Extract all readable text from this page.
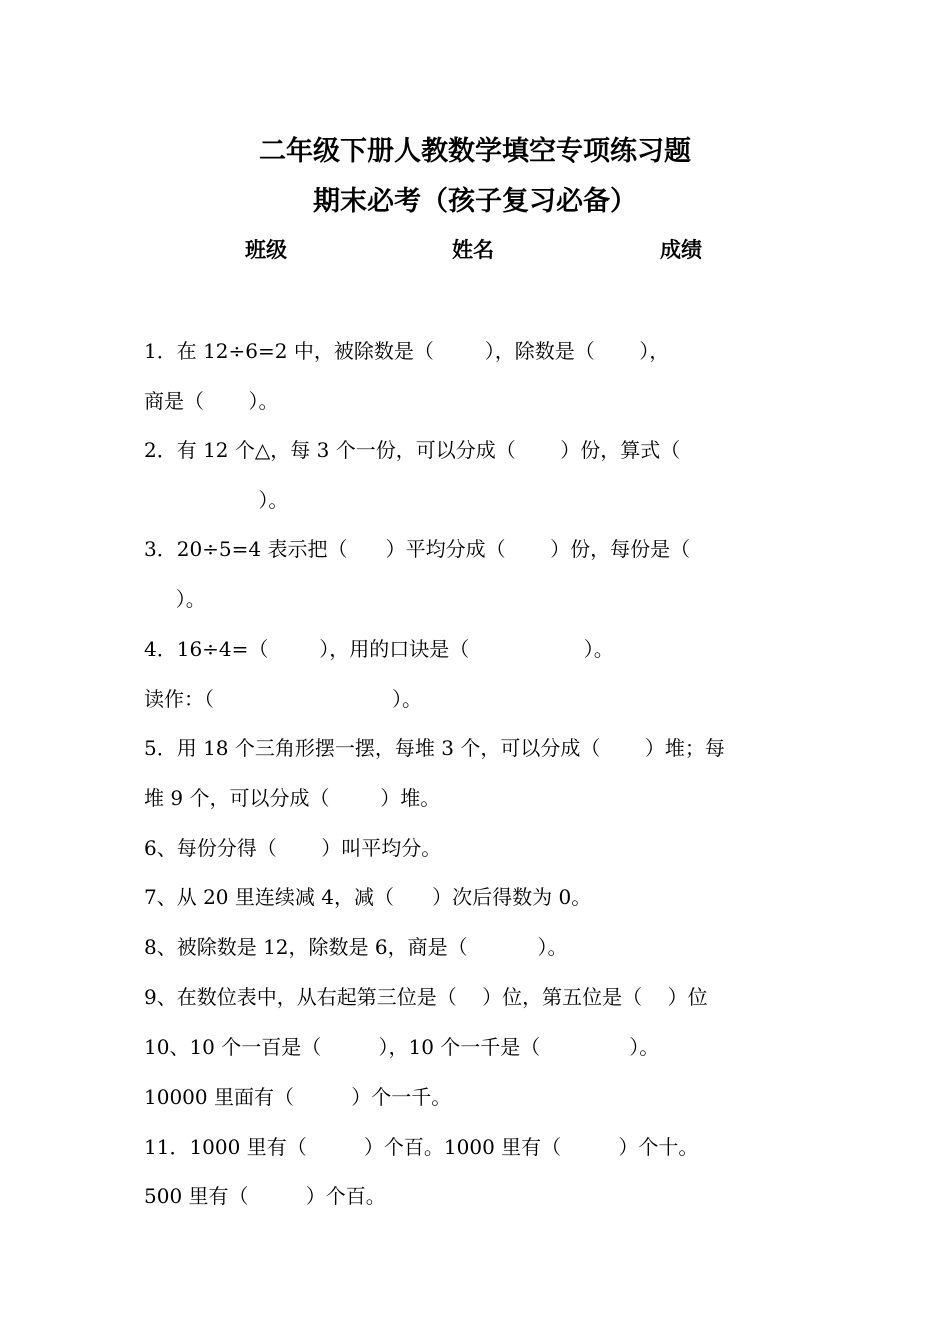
二年级下册人教数学填空专项练习题
期末必考（孩子复习必备）
班级	姓名	成绩
1．在 12÷6=2 中，被除数是（        ），除数是（       ），
商是（       ）。
2．有 12 个△，每 3 个一份，可以分成（       ）份，算式（
）。
3．20÷5=4 表示把（      ）平均分成（       ）份，每份是（
）。
4．16÷4=（        ），用的口诀是（                  ）。
读作：（                            ）。
5．用 18 个三角形摆一摆，每堆 3 个，可以分成（       ）堆；每
堆 9 个，可以分成（        ）堆。
6、每份分得（       ）叫平均分。
7、从 20 里连续减 4，减（      ）次后得数为 0。
8、被除数是 12，除数是 6，商是（           ）。
9、在数位表中，从右起第三位是（    ）位，第五位是（    ）位
10、10 个一百是（         ），10 个一千是（              ）。
10000 里面有（         ）个一千。
11．1000 里有（         ）个百。1000 里有（         ）个十。
500 里有（         ）个百。
